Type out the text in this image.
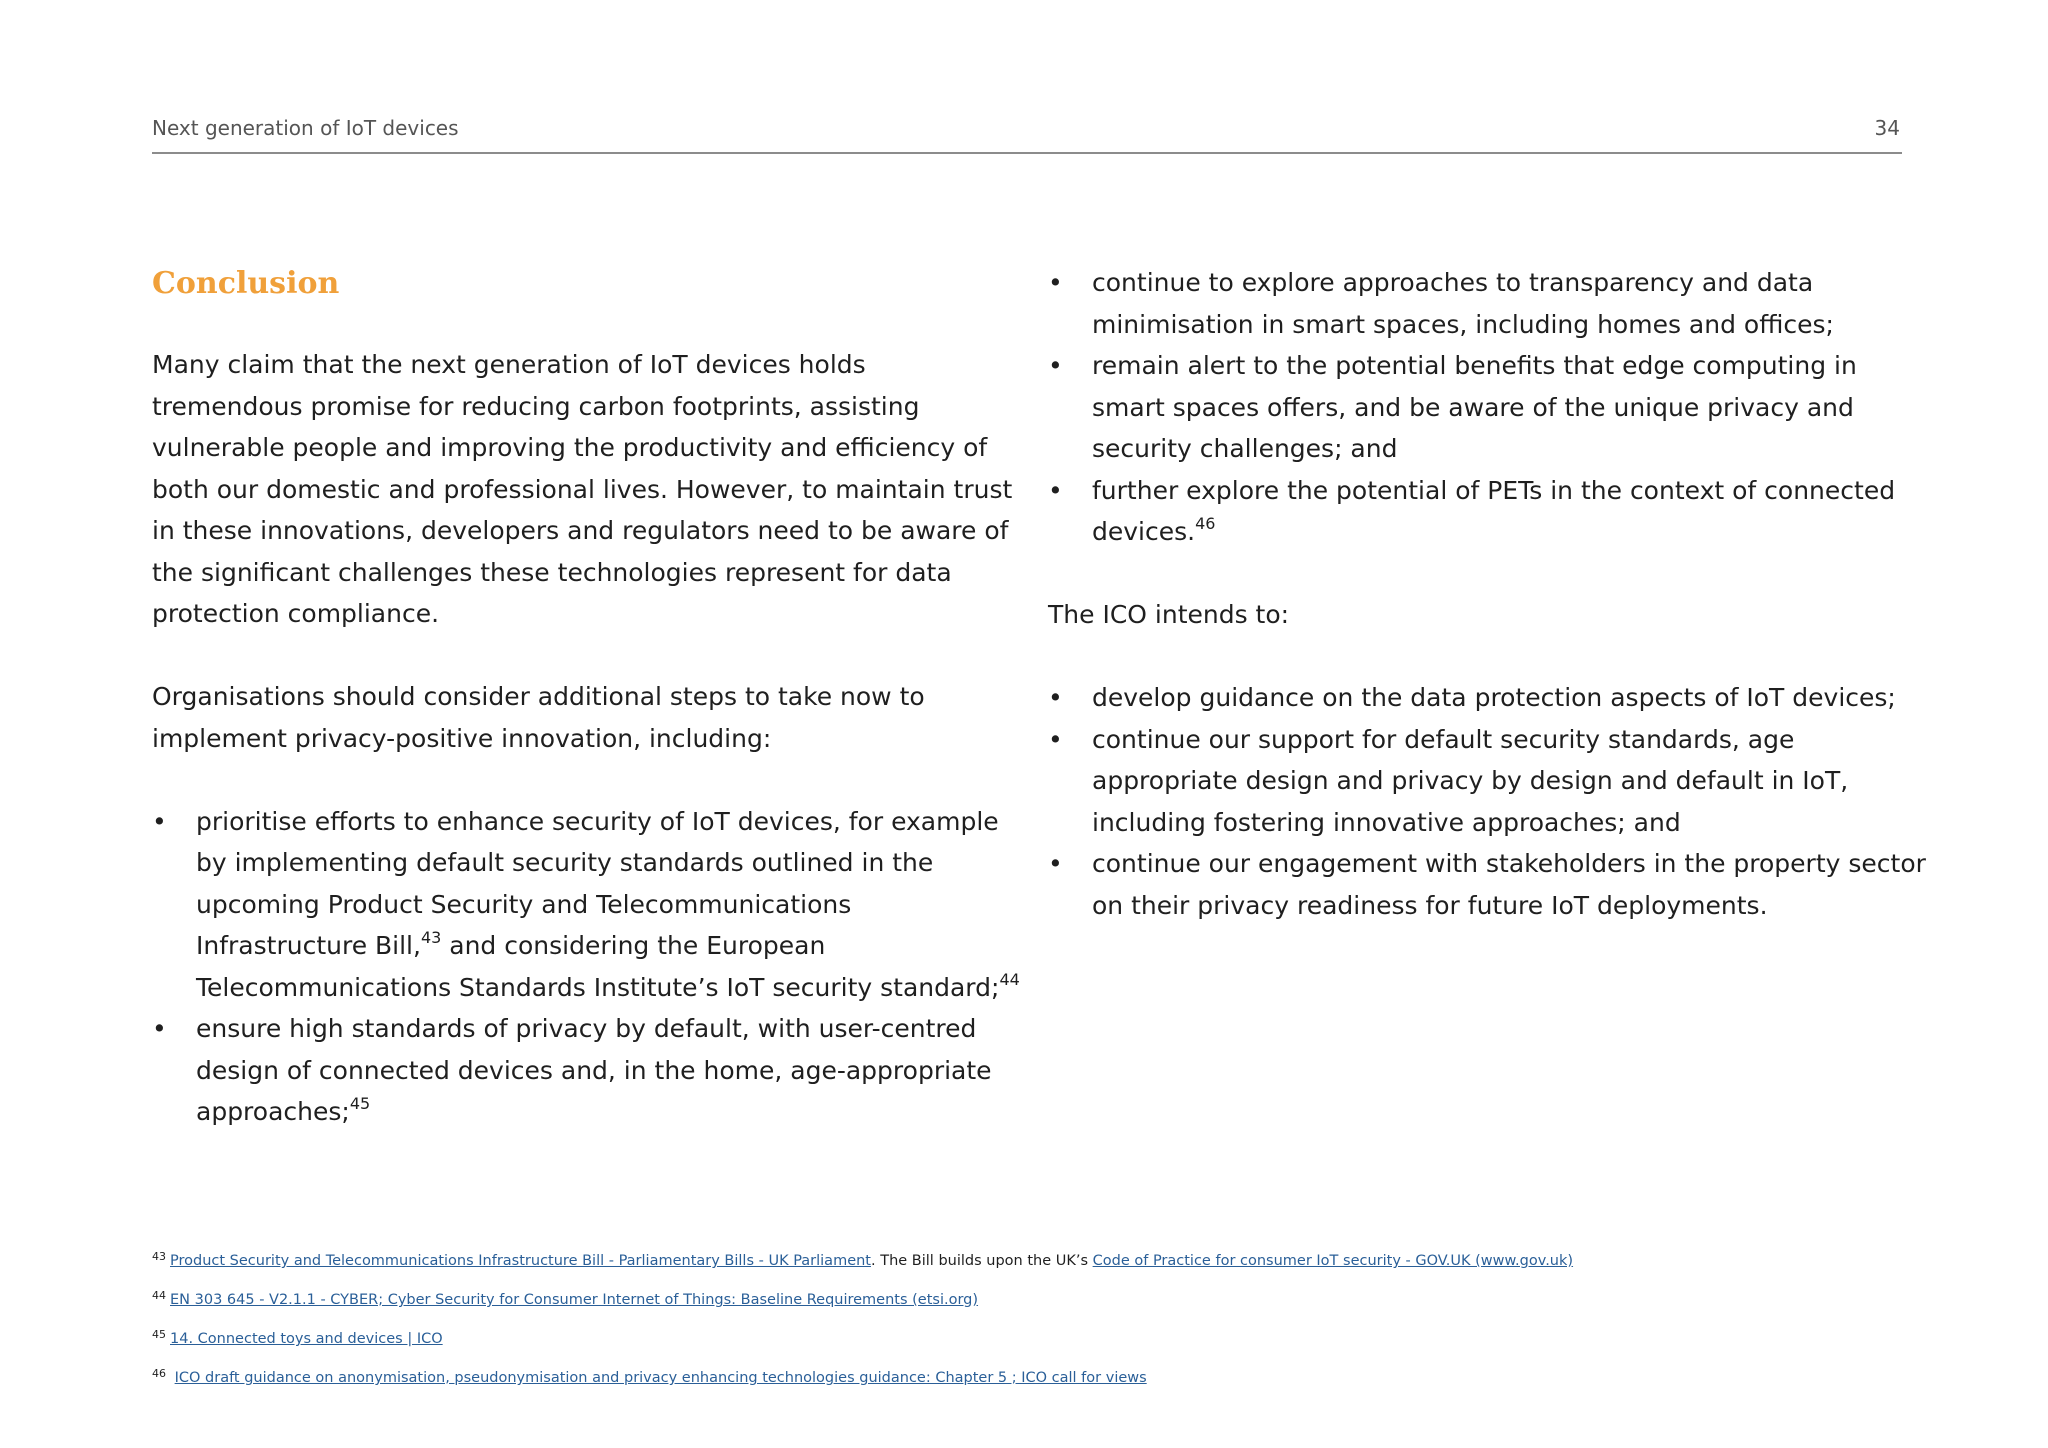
Next generation of IoT devices	34
Conclusion

Many claim that the next generation of IoT devices holds tremendous promise for reducing carbon footprints, assisting vulnerable people and improving the productivity and efficiency of both our domestic and professional lives. However, to maintain trust in these innovations, developers and regulators need to be aware of the significant challenges these technologies represent for data protection compliance.

Organisations should consider additional steps to take now to implement privacy-positive innovation, including:

• prioritise efforts to enhance security of IoT devices, for example by implementing default security standards outlined in the upcoming Product Security and Telecommunications Infrastructure Bill,$^{43}$ and considering the European Telecommunications Standards Institute’s IoT security standard;$^{44}$
• ensure high standards of privacy by default, with user-centred design of connected devices and, in the home, age-appropriate approaches;$^{45}$
• continue to explore approaches to transparency and data minimisation in smart spaces, including homes and offices;
• remain alert to the potential benefits that edge computing in smart spaces offers, and be aware of the unique privacy and security challenges; and
• further explore the potential of PETs in the context of connected devices.$^{46}$

The ICO intends to:

• develop guidance on the data protection aspects of IoT devices;
• continue our support for default security standards, age appropriate design and privacy by design and default in IoT, including fostering innovative approaches; and
• continue our engagement with stakeholders in the property sector on their privacy readiness for future IoT deployments.
$^{43}$ Product Security and Telecommunications Infrastructure Bill - Parliamentary Bills - UK Parliament. The Bill builds upon the UK’s Code of Practice for consumer IoT security - GOV.UK (www.gov.uk)
$^{44}$ EN 303 645 - V2.1.1 - CYBER; Cyber Security for Consumer Internet of Things: Baseline Requirements (etsi.org)
$^{45}$ 14. Connected toys and devices | ICO
$^{46}$ ICO draft guidance on anonymisation, pseudonymisation and privacy enhancing technologies guidance: Chapter 5 ; ICO call for views
